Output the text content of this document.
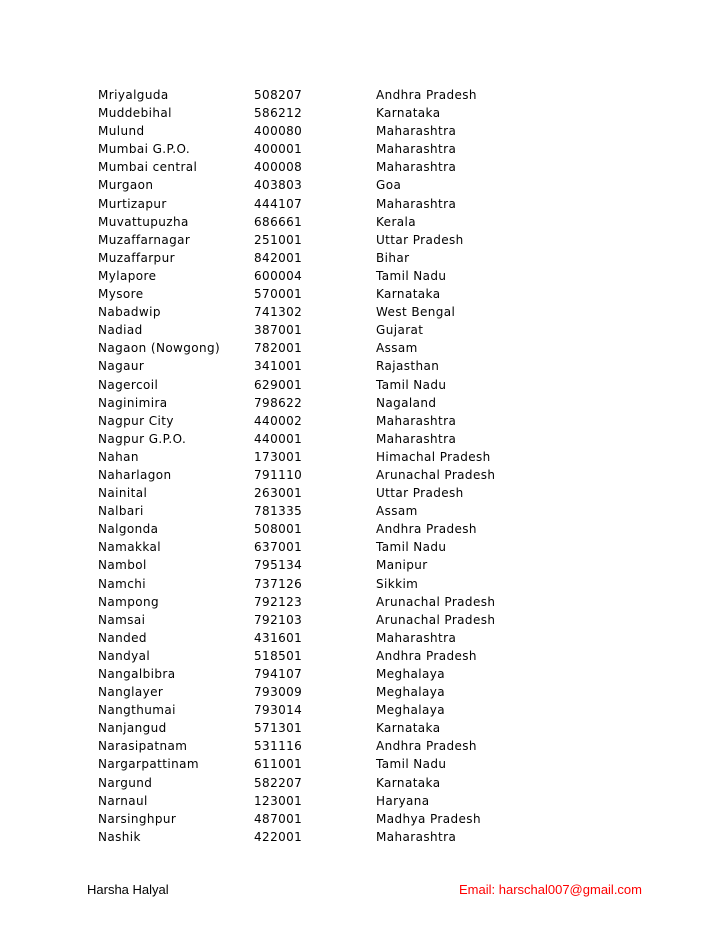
Mriyalguda	508207	Andhra Pradesh
Muddebihal	586212	Karnataka
Mulund	400080	Maharashtra
Mumbai G.P.O.	400001	Maharashtra
Mumbai central	400008	Maharashtra
Murgaon	403803	Goa
Murtizapur	444107	Maharashtra
Muvattupuzha	686661	Kerala
Muzaffarnagar	251001	Uttar Pradesh
Muzaffarpur	842001	Bihar
Mylapore	600004	Tamil Nadu
Mysore	570001	Karnataka
Nabadwip	741302	West Bengal
Nadiad	387001	Gujarat
Nagaon (Nowgong)	782001	Assam
Nagaur	341001	Rajasthan
Nagercoil	629001	Tamil Nadu
Naginimira	798622	Nagaland
Nagpur City	440002	Maharashtra
Nagpur G.P.O.	440001	Maharashtra
Nahan	173001	Himachal Pradesh
Naharlagon	791110	Arunachal Pradesh
Nainital	263001	Uttar Pradesh
Nalbari	781335	Assam
Nalgonda	508001	Andhra Pradesh
Namakkal	637001	Tamil Nadu
Nambol	795134	Manipur
Namchi	737126	Sikkim
Nampong	792123	Arunachal Pradesh
Namsai	792103	Arunachal Pradesh
Nanded	431601	Maharashtra
Nandyal	518501	Andhra Pradesh
Nangalbibra	794107	Meghalaya
Nanglayer	793009	Meghalaya
Nangthumai	793014	Meghalaya
Nanjangud	571301	Karnataka
Narasipatnam	531116	Andhra Pradesh
Nargarpattinam	611001	Tamil Nadu
Nargund	582207	Karnataka
Narnaul	123001	Haryana
Narsinghpur	487001	Madhya Pradesh
Nashik	422001	Maharashtra
Harsha Halyal	Email: harschal007@gmail.com
